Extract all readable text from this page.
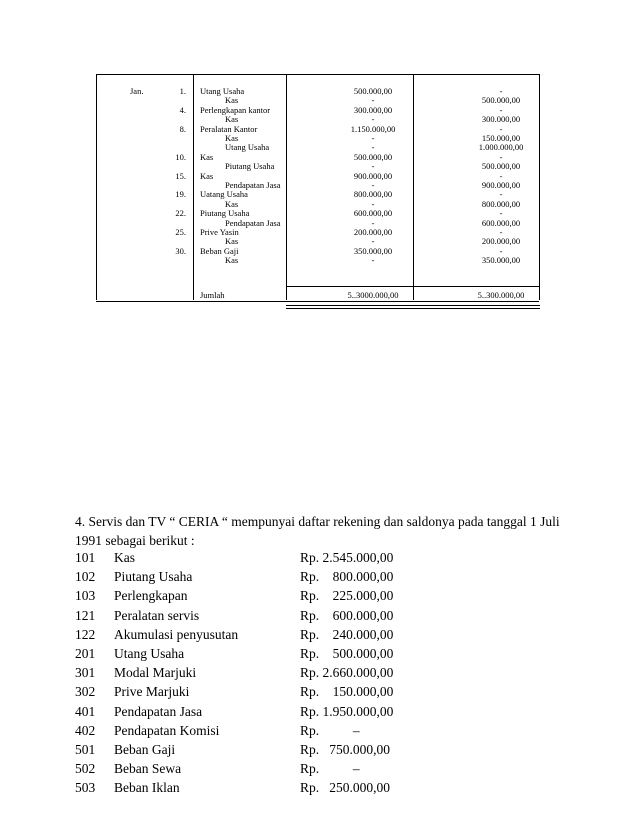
Jan.	1. Utang Usaha	500.000,00	-
Kas	-	500.000,00
4. Perlengkapan kantor	300.000,00	-
Kas	-	300.000,00
8. Peralatan Kantor	1.150.000,00	-
Kas	-	150.000,00
Utang Usaha	-	1.000.000,00
10. Kas	500.000,00	-
Piutang Usaha	-	500.000,00
15. Kas	900.000,00	-
Pendapatan Jasa	-	900.000,00
19. Uatang Usaha	800.000,00	-
Kas	-	800.000,00
22. Piutang Usaha	600.000,00	-
Pendapatan Jasa	-	600.000,00
25. Prive Yasin	200.000,00	-
Kas	-	200.000,00
30. Beban Gaji	350.000,00	-
Kas	-	350.000,00
Jumlah	5..3000.000,00	5..300.000,00
4. Servis dan TV “ CERIA “ mempunyai daftar rekening dan saldonya pada tanggal 1 Juli 1991 sebagai berikut :
101 Kas	Rp. 2.545.000,00
102 Piutang Usaha	Rp.    800.000,00
103 Perlengkapan	Rp.    225.000,00
121 Peralatan servis	Rp.    600.000,00
122 Akumulasi penyusutan	Rp.    240.000,00
201 Utang Usaha	Rp.    500.000,00
301 Modal Marjuki	Rp. 2.660.000,00
302 Prive Marjuki	Rp.    150.000,00
401 Pendapatan Jasa	Rp. 1.950.000,00
402 Pendapatan Komisi	Rp.          –
501 Beban Gaji	Rp.   750.000,00
502 Beban Sewa	Rp.          –
503 Beban Iklan	Rp.   250.000,00
